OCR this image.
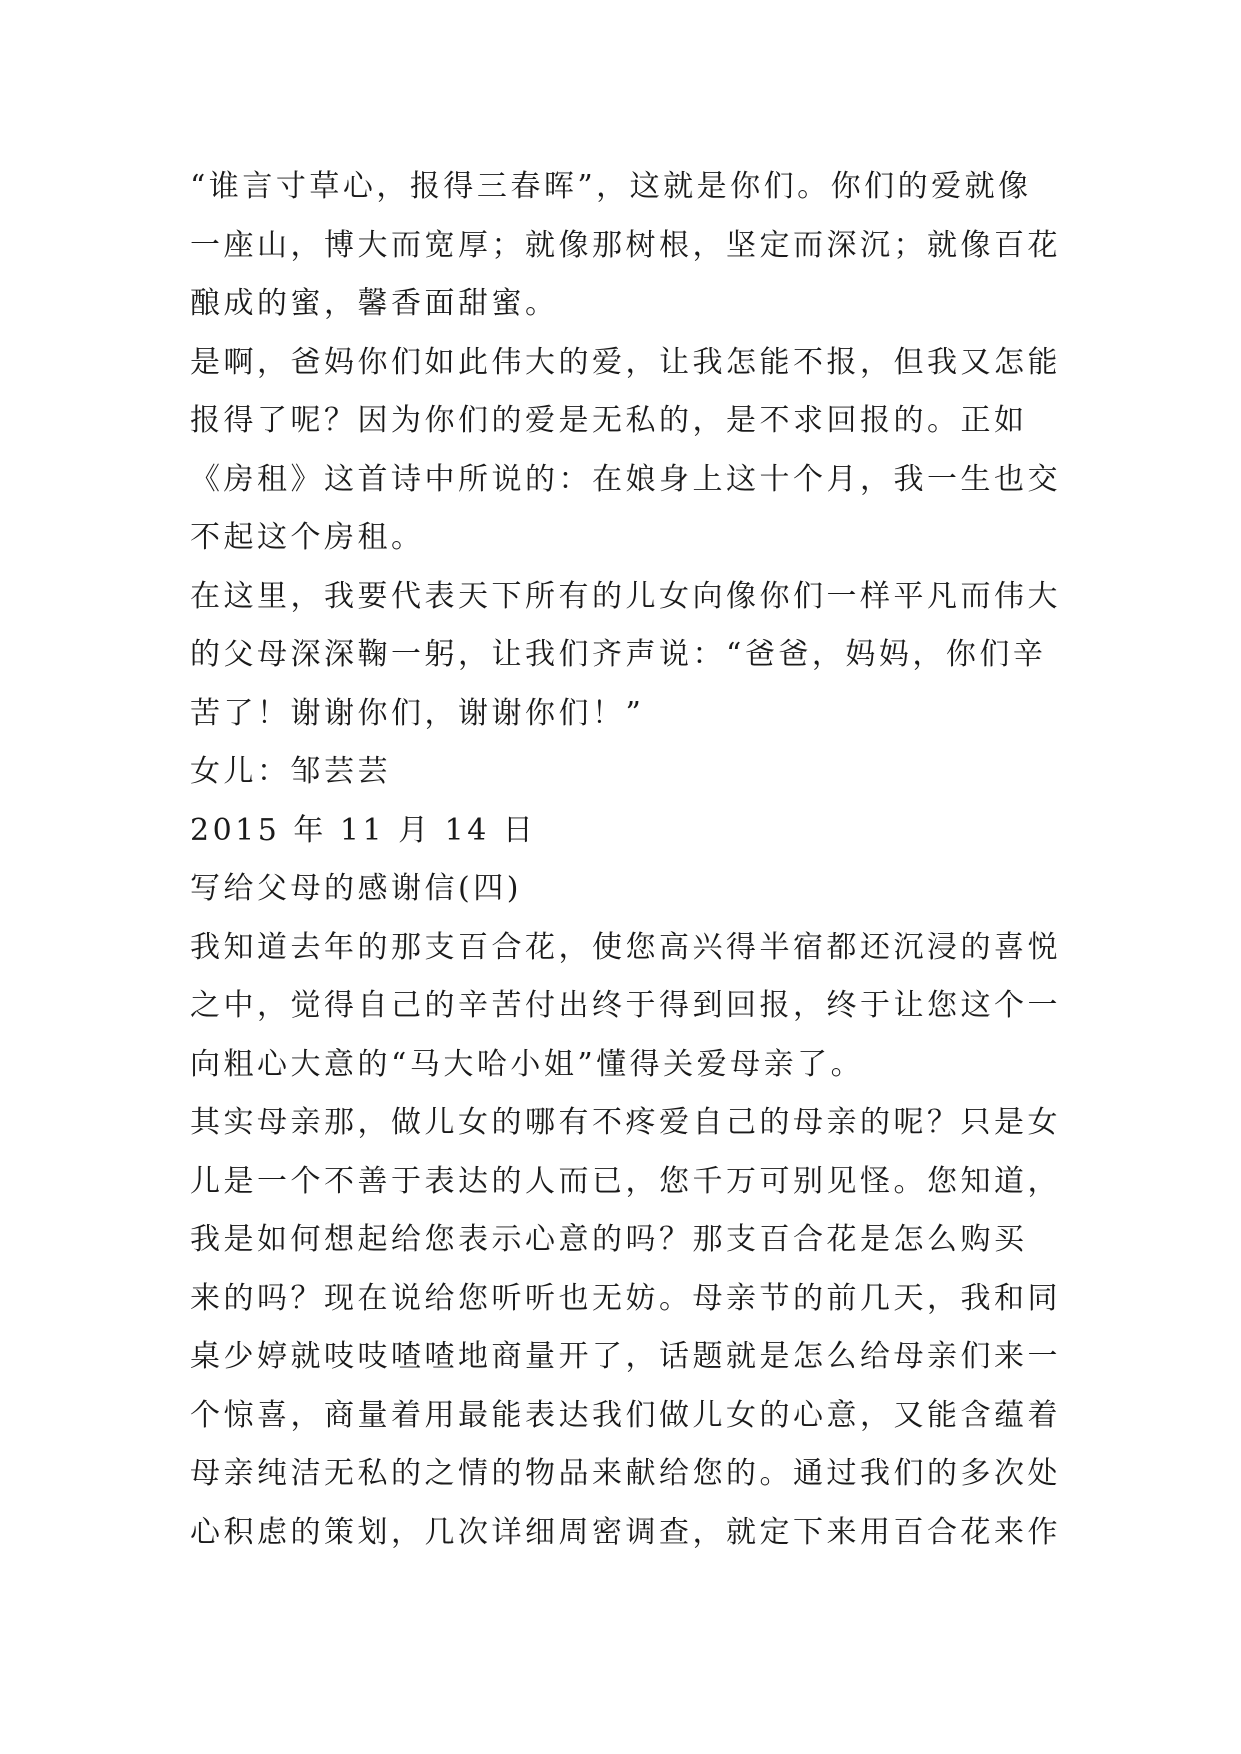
“谁言寸草心，报得三春晖”，这就是你们。你们的爱就像
一座山，博大而宽厚；就像那树根，坚定而深沉；就像百花
酿成的蜜，馨香面甜蜜。
是啊，爸妈你们如此伟大的爱，让我怎能不报，但我又怎能
报得了呢？因为你们的爱是无私的，是不求回报的。正如
《房租》这首诗中所说的：在娘身上这十个月，我一生也交
不起这个房租。
在这里，我要代表天下所有的儿女向像你们一样平凡而伟大
的父母深深鞠一躬，让我们齐声说：“爸爸，妈妈，你们辛
苦了！谢谢你们，谢谢你们！”
女儿：邹芸芸
2015 年 11 月 14 日
写给父母的感谢信(四)
我知道去年的那支百合花，使您高兴得半宿都还沉浸的喜悦
之中，觉得自己的辛苦付出终于得到回报，终于让您这个一
向粗心大意的“马大哈小姐”懂得关爱母亲了。
其实母亲那，做儿女的哪有不疼爱自己的母亲的呢？只是女
儿是一个不善于表达的人而已，您千万可别见怪。您知道，
我是如何想起给您表示心意的吗？那支百合花是怎么购买
来的吗？现在说给您听听也无妨。母亲节的前几天，我和同
桌少婷就吱吱喳喳地商量开了，话题就是怎么给母亲们来一
个惊喜，商量着用最能表达我们做儿女的心意，又能含蕴着
母亲纯洁无私的之情的物品来献给您的。通过我们的多次处
心积虑的策划，几次详细周密调查，就定下来用百合花来作
